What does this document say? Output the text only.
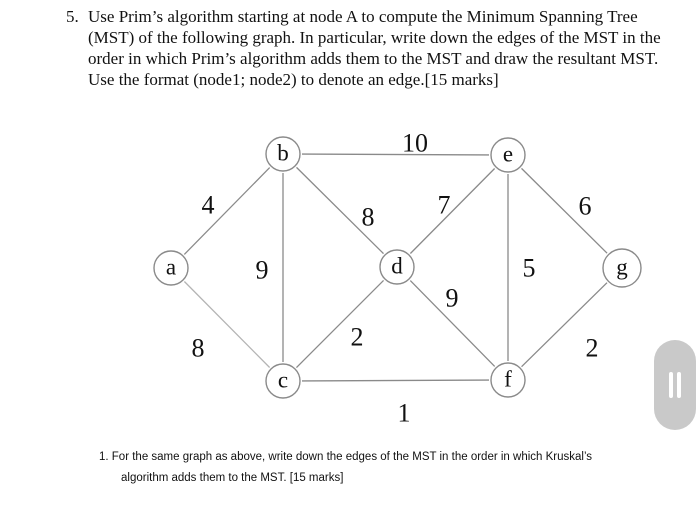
5. Use Prim’s algorithm starting at node A to compute the Minimum Spanning Tree
(MST) of the following graph. In particular, write down the edges of the MST in the
order in which Prim’s algorithm adds them to the MST and draw the resultant MST.
Use the format (node1; node2) to denote an edge.[15 marks]
4
8
9
8
10
2
1
7
9
5
6
2
a
b
c
d
e
f
g
1. For the same graph as above, write down the edges of the MST in the order in which Kruskal’s
algorithm adds them to the MST. [15 marks]
